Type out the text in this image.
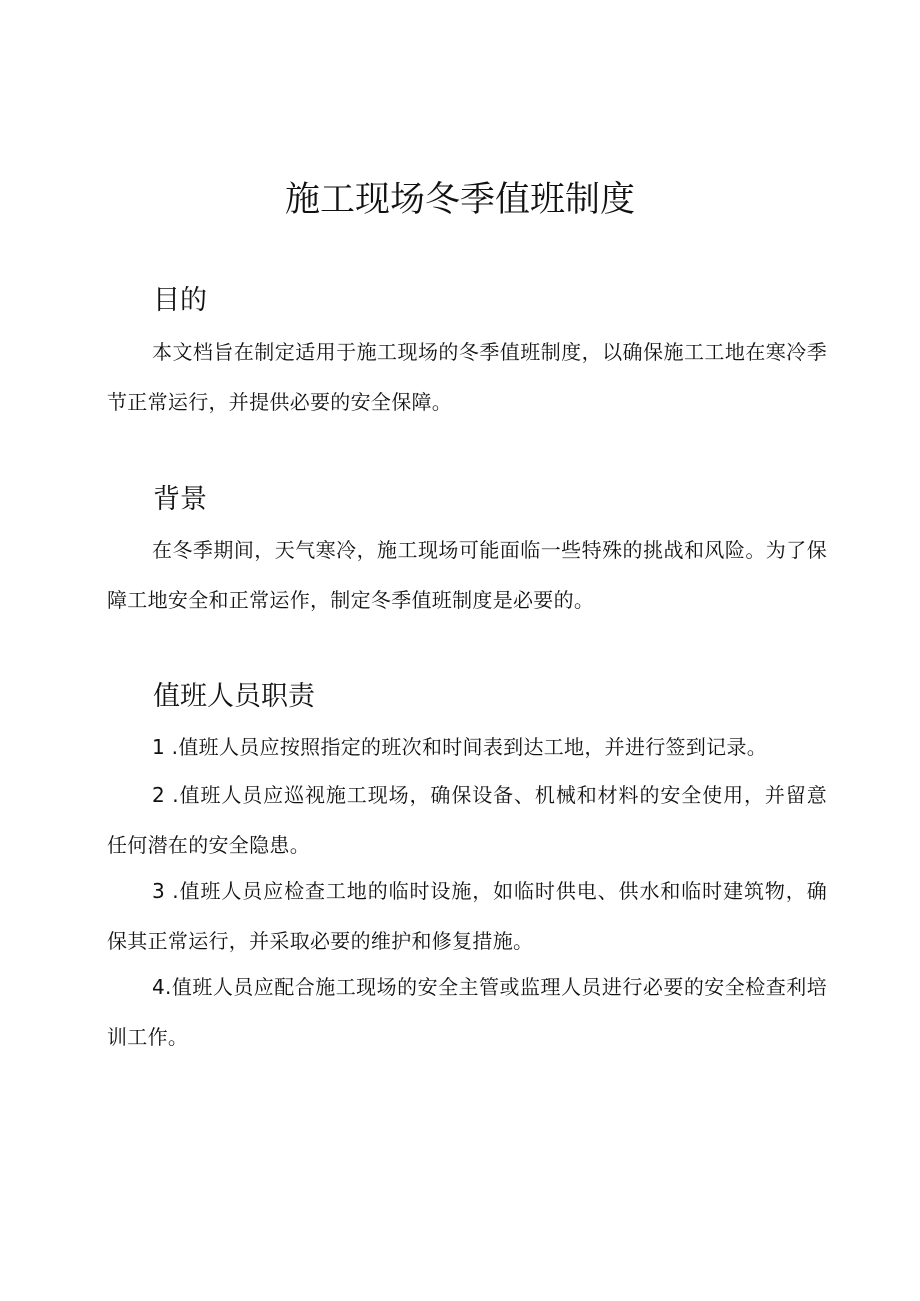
施工现场冬季值班制度
目的
本文档旨在制定适用于施工现场的冬季值班制度，以确保施工工地在寒冷季节正常运行，并提供必要的安全保障。
背景
在冬季期间，天气寒冷，施工现场可能面临一些特殊的挑战和风险。为了保障工地安全和正常运作，制定冬季值班制度是必要的。
值班人员职责
1 .值班人员应按照指定的班次和时间表到达工地，并进行签到记录。
2 .值班人员应巡视施工现场，确保设备、机械和材料的安全使用，并留意任何潜在的安全隐患。
3 .值班人员应检查工地的临时设施，如临时供电、供水和临时建筑物，确保其正常运行，并采取必要的维护和修复措施。
4.值班人员应配合施工现场的安全主管或监理人员进行必要的安全检查利培训工作。
